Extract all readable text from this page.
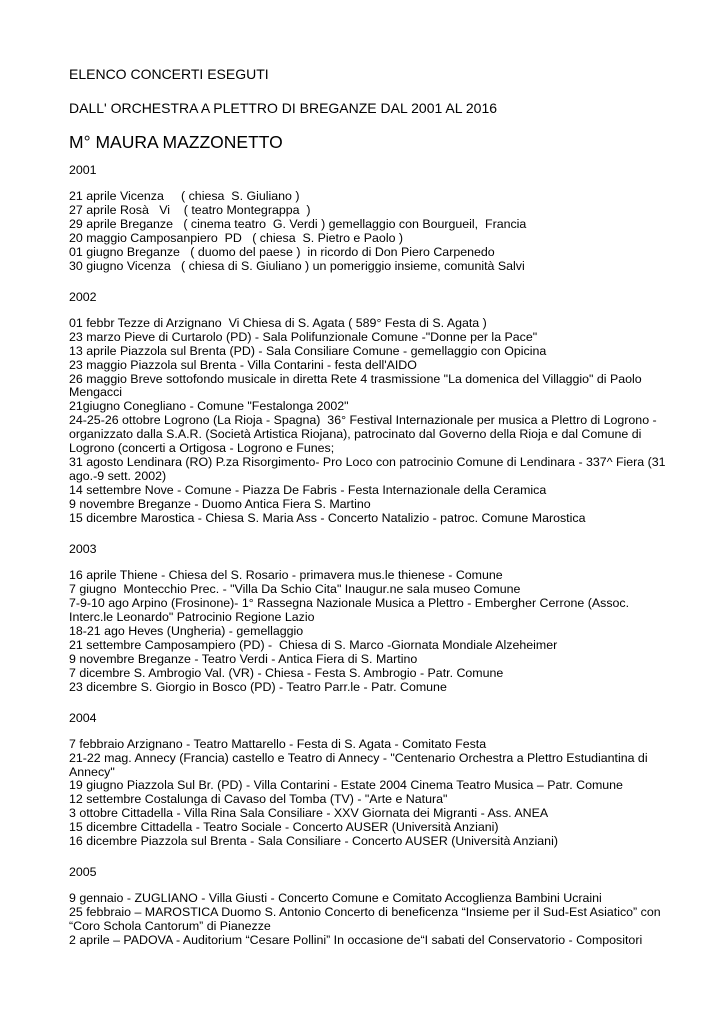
ELENCO CONCERTI ESEGUTI
DALL' ORCHESTRA A PLETTRO DI BREGANZE DAL 2001 AL 2016
M° MAURA MAZZONETTO
2001
21 aprile Vicenza     ( chiesa  S. Giuliano )
27 aprile Rosà   Vi    ( teatro Montegrappa  )
29 aprile Breganze   ( cinema teatro  G. Verdi ) gemellaggio con Bourgueil,  Francia
20 maggio Camposanpiero  PD   ( chiesa  S. Pietro e Paolo )
01 giugno Breganze   ( duomo del paese )  in ricordo di Don Piero Carpenedo
30 giugno Vicenza   ( chiesa di S. Giuliano ) un pomeriggio insieme, comunità Salvi
2002
01 febbr Tezze di Arzignano  Vi Chiesa di S. Agata ( 589° Festa di S. Agata )
23 marzo Pieve di Curtarolo (PD) - Sala Polifunzionale Comune -"Donne per la Pace"
13 aprile Piazzola sul Brenta (PD) - Sala Consiliare Comune - gemellaggio con Opicina
23 maggio Piazzola sul Brenta - Villa Contarini - festa dell'AIDO
26 maggio Breve sottofondo musicale in diretta Rete 4 trasmissione "La domenica del Villaggio" di Paolo
Mengacci
21giugno Conegliano - Comune "Festalonga 2002"
24-25-26 ottobre Logrono (La Rioja - Spagna)  36° Festival Internazionale per musica a Plettro di Logrono -
organizzato dalla S.A.R. (Società Artistica Riojana), patrocinato dal Governo della Rioja e dal Comune di
Logrono (concerti a Ortigosa - Logrono e Funes;
31 agosto Lendinara (RO) P.za Risorgimento- Pro Loco con patrocinio Comune di Lendinara - 337^ Fiera (31
ago.-9 sett. 2002)
14 settembre Nove - Comune - Piazza De Fabris - Festa Internazionale della Ceramica
9 novembre Breganze - Duomo Antica Fiera S. Martino
15 dicembre Marostica - Chiesa S. Maria Ass - Concerto Natalizio - patroc. Comune Marostica
2003
16 aprile Thiene - Chiesa del S. Rosario - primavera mus.le thienese - Comune
7 giugno  Montecchio Prec. - "Villa Da Schio Cita" Inaugur.ne sala museo Comune
7-9-10 ago Arpino (Frosinone)- 1° Rassegna Nazionale Musica a Plettro - Embergher Cerrone (Assoc.
Interc.le Leonardo" Patrocinio Regione Lazio
18-21 ago Heves (Ungheria) - gemellaggio
21 settembre Camposampiero (PD) -  Chiesa di S. Marco -Giornata Mondiale Alzeheimer
9 novembre Breganze - Teatro Verdi - Antica Fiera di S. Martino
7 dicembre S. Ambrogio Val. (VR) - Chiesa - Festa S. Ambrogio - Patr. Comune
23 dicembre S. Giorgio in Bosco (PD) - Teatro Parr.le - Patr. Comune
2004
7 febbraio Arzignano - Teatro Mattarello - Festa di S. Agata - Comitato Festa
21-22 mag. Annecy (Francia) castello e Teatro di Annecy - "Centenario Orchestra a Plettro Estudiantina di
Annecy"
19 giugno Piazzola Sul Br. (PD) - Villa Contarini - Estate 2004 Cinema Teatro Musica – Patr. Comune
12 settembre Costalunga di Cavaso del Tomba (TV) - "Arte e Natura"
3 ottobre Cittadella - Villa Rina Sala Consiliare - XXV Giornata dei Migranti - Ass. ANEA
15 dicembre Cittadella - Teatro Sociale - Concerto AUSER (Università Anziani)
16 dicembre Piazzola sul Brenta - Sala Consiliare - Concerto AUSER (Università Anziani)
2005
9 gennaio - ZUGLIANO - Villa Giusti - Concerto Comune e Comitato Accoglienza Bambini Ucraini
25 febbraio – MAROSTICA Duomo S. Antonio Concerto di beneficenza “Insieme per il Sud-Est Asiatico” con
“Coro Schola Cantorum” di Pianezze
2 aprile – PADOVA - Auditorium “Cesare Pollini” In occasione de“I sabati del Conservatorio - Compositori
